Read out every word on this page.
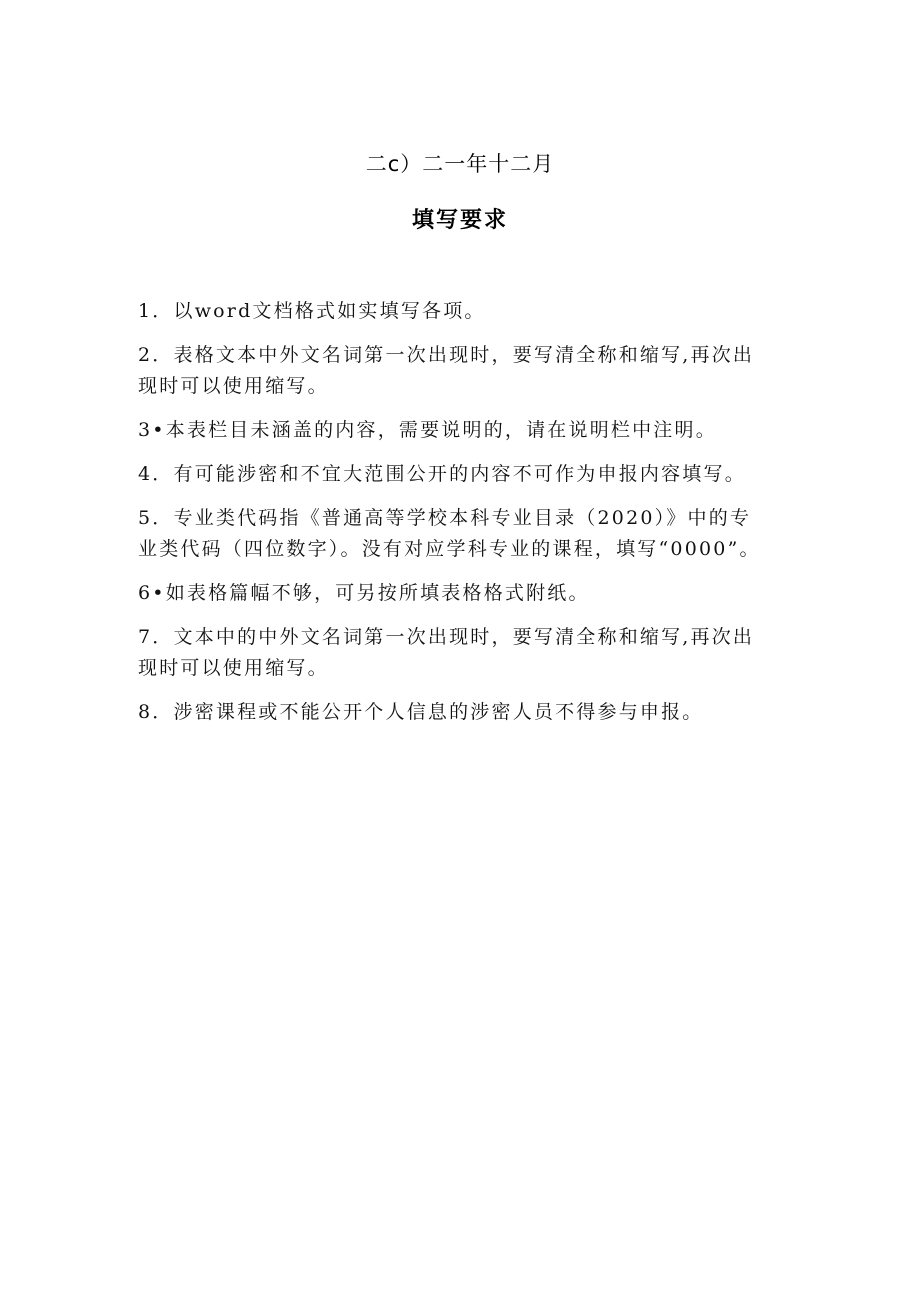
二c）二一年十二月
填写要求
1．以word文档格式如实填写各项。
2．表格文本中外文名词第一次出现时，要写清全称和缩写,再次出
现时可以使用缩写。
3•本表栏目未涵盖的内容，需要说明的，请在说明栏中注明。
4．有可能涉密和不宜大范围公开的内容不可作为申报内容填写。
5．专业类代码指《普通高等学校本科专业目录（2020）》中的专
业类代码（四位数字）。没有对应学科专业的课程，填写“0000”。
6•如表格篇幅不够，可另按所填表格格式附纸。
7．文本中的中外文名词第一次出现时，要写清全称和缩写,再次出
现时可以使用缩写。
8．涉密课程或不能公开个人信息的涉密人员不得参与申报。
